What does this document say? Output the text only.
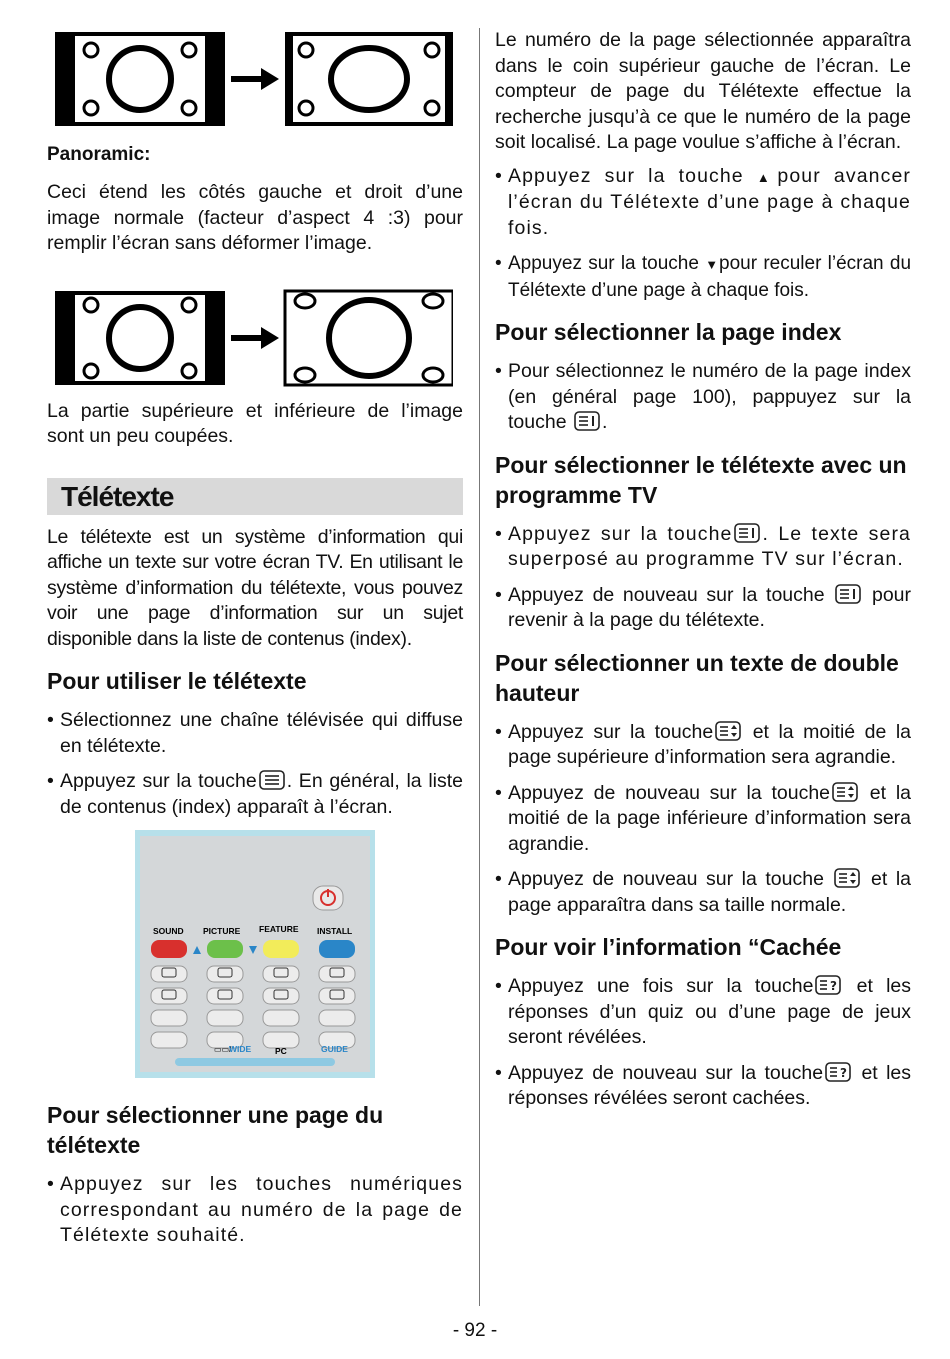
Panoramic:

Ceci étend les côtés gauche et droit d’une image normale (facteur d’aspect 4 :3) pour remplir l’écran sans déformer l’image.

La partie supérieure et inférieure de l’image sont un peu coupées.

Télétexte

Le télétexte est un système d’information qui affiche un texte sur votre écran TV. En utilisant le système d’information du télétexte, vous pouvez voir une page d’information sur un sujet disponible dans la liste de contenus (index).

Pour utiliser le télétexte
• Sélectionnez une chaîne télévisée qui diffuse en télétexte.
• Appuyez sur la touche . En général, la liste de contenus (index) apparaît à l’écran.
SOUND PICTURE FEATURE INSTALL
▭▭/
WIDE	PC	GUIDE
Pour sélectionner une page du télétexte
• Appuyez sur les touches numériques correspondant au numéro de la page de Télétexte souhaité.

Le numéro de la page sélectionnée apparaîtra dans le coin supérieur gauche de l’écran. Le compteur de page du Télétexte effectue la recherche jusqu’à ce que le numéro de la page soit localisé. La page voulue s’affiche à l’écran.

• Appuyez sur la touche ▲pour avancer l’écran du Télétexte d’une page à chaque fois.
• Appuyez sur la touche ▼pour reculer l’écran du Télétexte d’une page à chaque fois.
Pour sélectionner la page index
• Pour sélectionnez le numéro de la page index (en général page 100), pappuyez sur la touche .
Pour sélectionner le télétexte avec un programme TV
• Appuyez sur la touche . Le texte sera superposé au programme TV sur l’écran.
• Appuyez de nouveau sur la touche pour revenir à la page du télétexte.
Pour sélectionner un texte de double hauteur
• Appuyez sur la touche et la moitié de la page supérieure d’information sera agrandie.
• Appuyez de nouveau sur la touche et la moitié de la page inférieure d’information sera agrandie.
• Appuyez de nouveau sur la touche et la page apparaîtra dans sa taille normale.
Pour voir l’information “Cachée
• Appuyez une fois sur la touche et les réponses d’un quiz ou d’une page de jeux seront révélées.
• Appuyez de nouveau sur la touche et les réponses révélées seront cachées.
- 92 -
